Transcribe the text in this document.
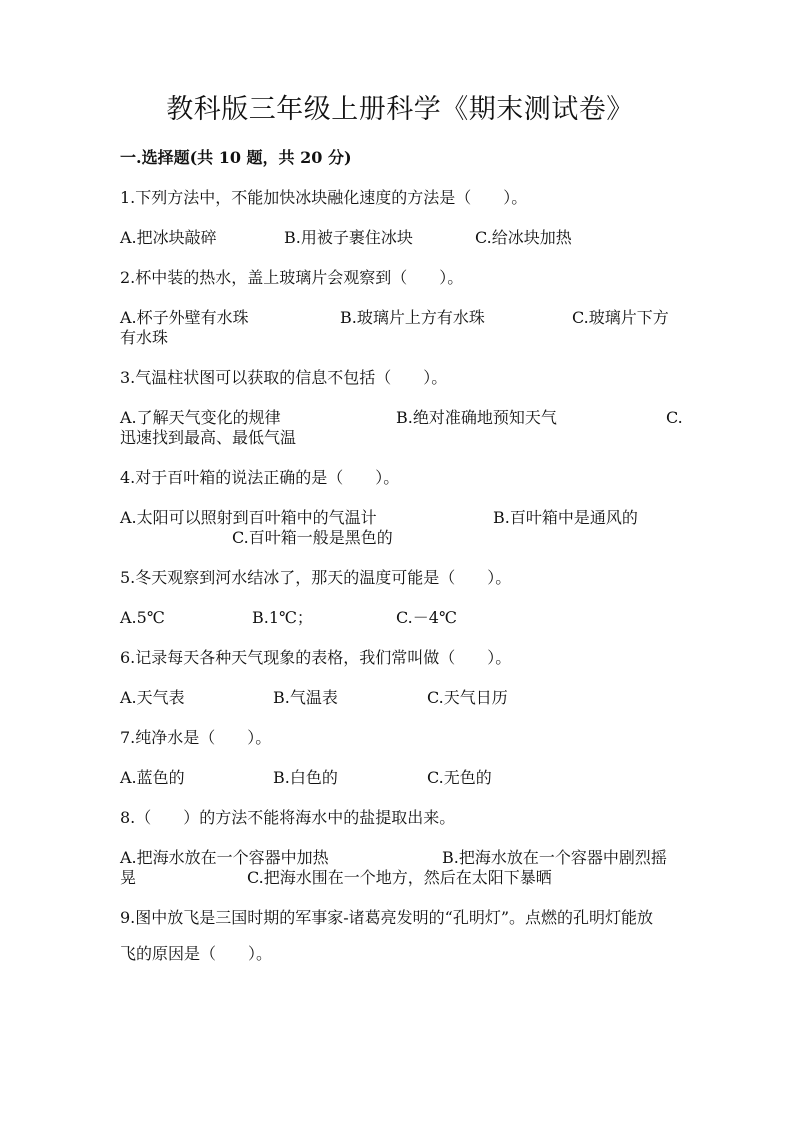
教科版三年级上册科学《期末测试卷》
一.选择题(共 10 题，共 20 分)
1.下列方法中，不能加快冰块融化速度的方法是（　　）。
A.把冰块敲碎	B.用被子裹住冰块	C.给冰块加热
2.杯中装的热水，盖上玻璃片会观察到（　　）。
A.杯子外壁有水珠	B.玻璃片上方有水珠	C.玻璃片下方
有水珠
3.气温柱状图可以获取的信息不包括（　　）。
A.了解天气变化的规律	B.绝对准确地预知天气	C.
迅速找到最高、最低气温
4.对于百叶箱的说法正确的是（　　）。
A.太阳可以照射到百叶箱中的气温计	B.百叶箱中是通风的
C.百叶箱一般是黑色的
5.冬天观察到河水结冰了，那天的温度可能是（　　）。
A.5℃	B.1℃；	C.－4℃
6.记录每天各种天气现象的表格，我们常叫做（　　）。
A.天气表	B.气温表	C.天气日历
7.纯净水是（　　）。
A.蓝色的	B.白色的	C.无色的
8.（　　）的方法不能将海水中的盐提取出来。
A.把海水放在一个容器中加热	B.把海水放在一个容器中剧烈摇
晃	C.把海水围在一个地方，然后在太阳下暴晒
9.图中放飞是三国时期的军事家-诸葛亮发明的“孔明灯”。点燃的孔明灯能放
飞的原因是（　　）。
